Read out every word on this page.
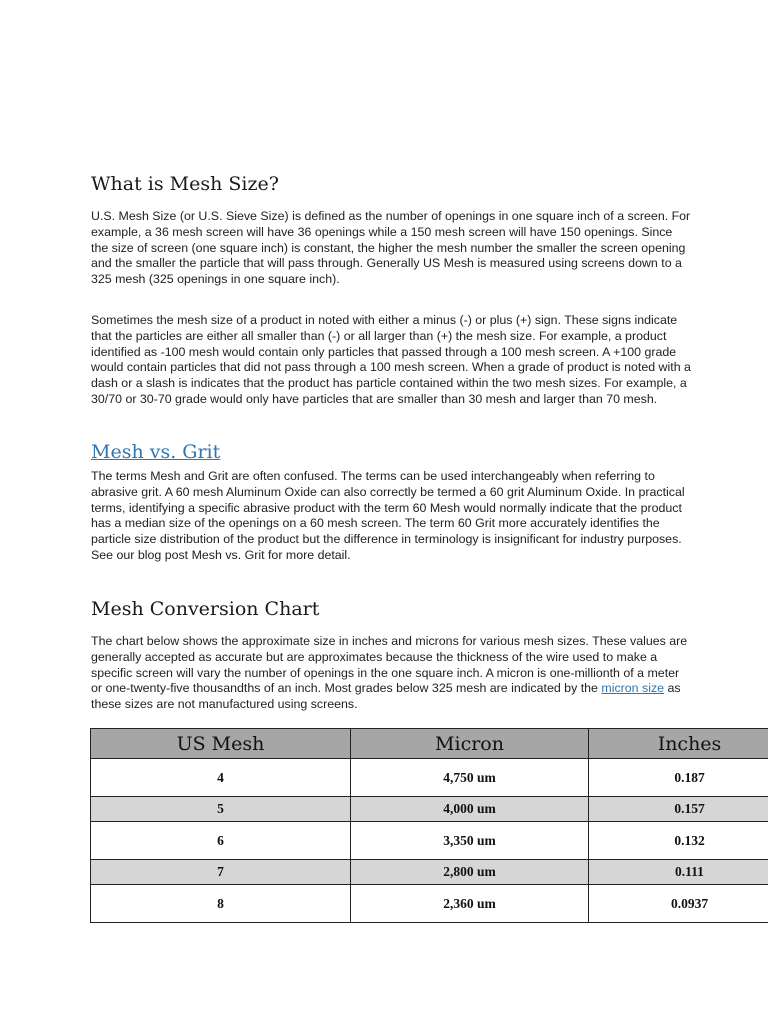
What is Mesh Size?

U.S. Mesh Size (or U.S. Sieve Size) is defined as the number of openings in one square inch of a screen. For example, a 36 mesh screen will have 36 openings while a 150 mesh screen will have 150 openings. Since the size of screen (one square inch) is constant, the higher the mesh number the smaller the screen opening and the smaller the particle that will pass through. Generally US Mesh is measured using screens down to a 325 mesh (325 openings in one square inch).

Sometimes the mesh size of a product in noted with either a minus (-) or plus (+) sign. These signs indicate that the particles are either all smaller than (-) or all larger than (+) the mesh size. For example, a product identified as -100 mesh would contain only particles that passed through a 100 mesh screen. A +100 grade would contain particles that did not pass through a 100 mesh screen. When a grade of product is noted with a dash or a slash is indicates that the product has particle contained within the two mesh sizes. For example, a 30/70 or 30-70 grade would only have particles that are smaller than 30 mesh and larger than 70 mesh.

Mesh vs. Grit

The terms Mesh and Grit are often confused. The terms can be used interchangeably when referring to abrasive grit. A 60 mesh Aluminum Oxide can also correctly be termed a 60 grit Aluminum Oxide. In practical terms, identifying a specific abrasive product with the term 60 Mesh would normally indicate that the product has a median size of the openings on a 60 mesh screen. The term 60 Grit more accurately identifies the particle size distribution of the product but the difference in terminology is insignificant for industry purposes. See our blog post Mesh vs. Grit for more detail.

Mesh Conversion Chart

The chart below shows the approximate size in inches and microns for various mesh sizes. These values are generally accepted as accurate but are approximates because the thickness of the wire used to make a specific screen will vary the number of openings in the one square inch. A micron is one-millionth of a meter or one-twenty-five thousandths of an inch. Most grades below 325 mesh are indicated by the micron size as these sizes are not manufactured using screens.

US Mesh	Micron	Inches
4	4,750 um	0.187
5	4,000 um	0.157
6	3,350 um	0.132
7	2,800 um	0.111
8	2,360 um	0.0937
